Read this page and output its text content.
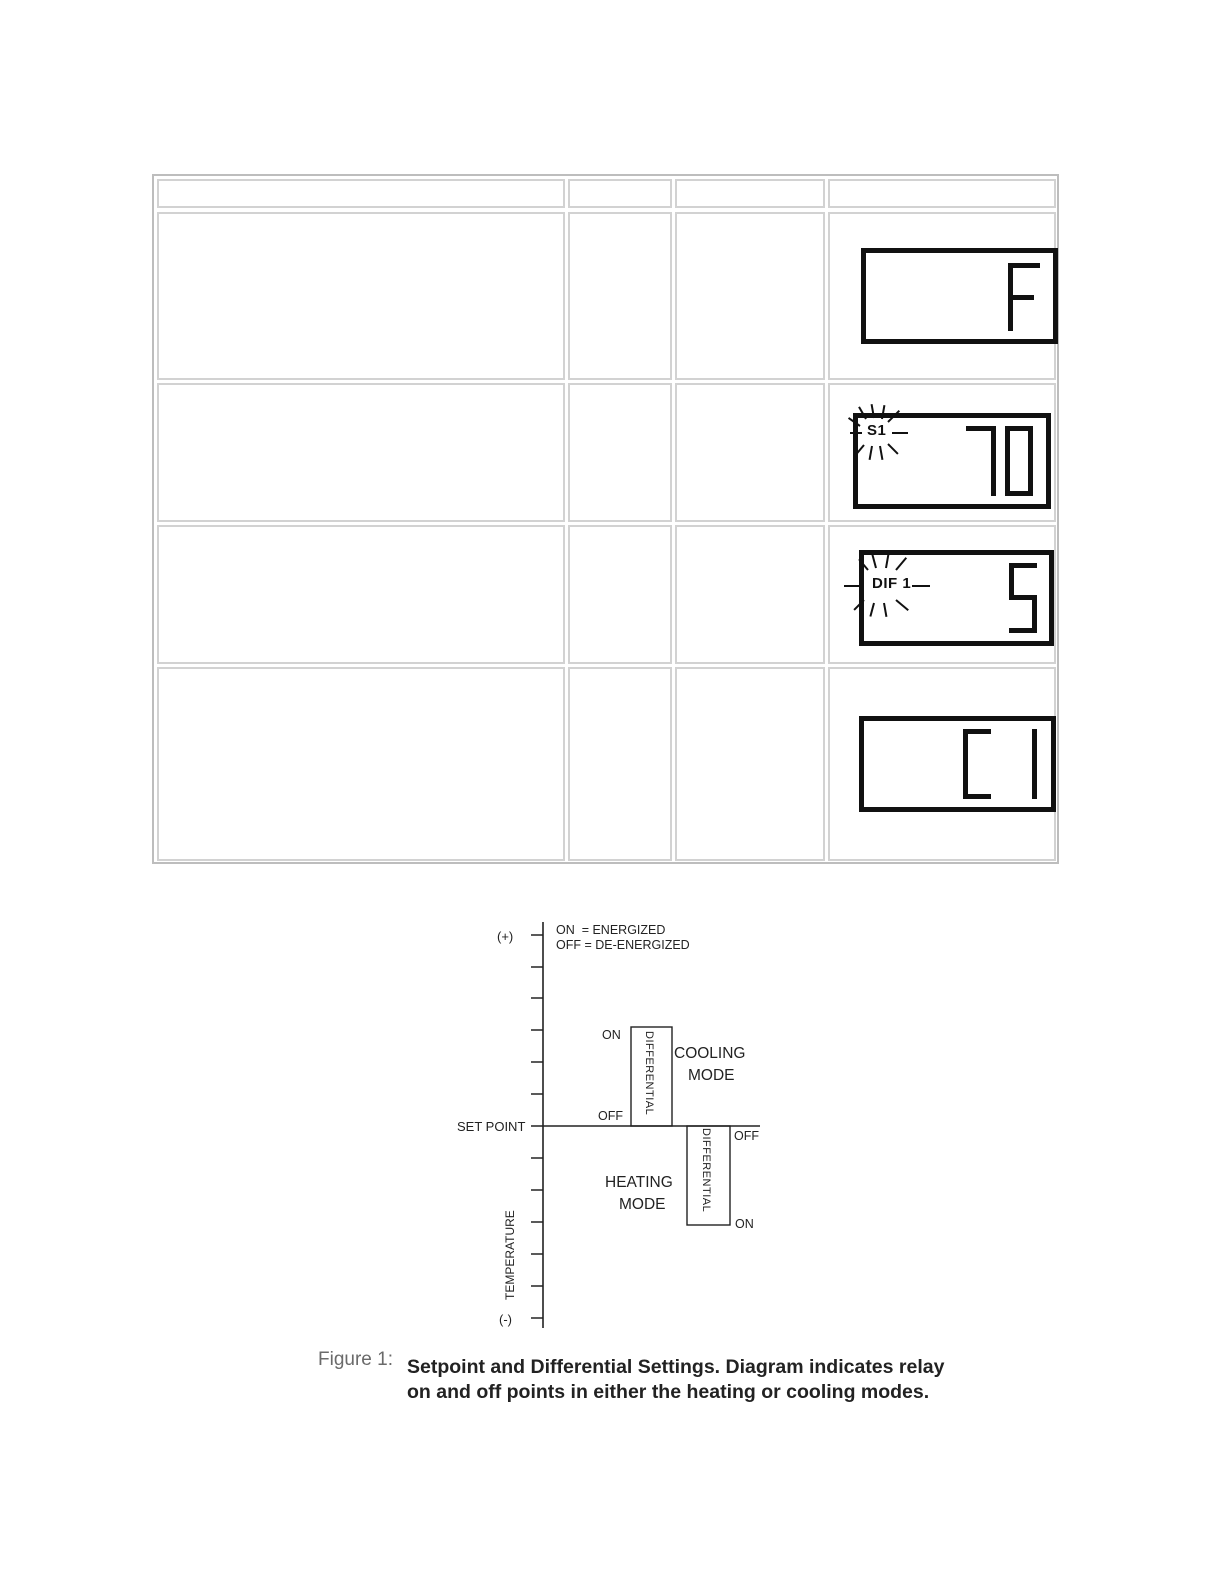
S1
DIF 1
(+)
(-)
SET POINT
TEMPERATURE
ON  = ENERGIZED
OFF = DE-ENERGIZED
DIFFERENTIAL
ON
OFF
COOLING
MODE
DIFFERENTIAL OFF
ON
HEATING
MODE
Figure 1: Setpoint and Differential Settings. Diagram indicates relay on and off points in either the heating or cooling modes.
